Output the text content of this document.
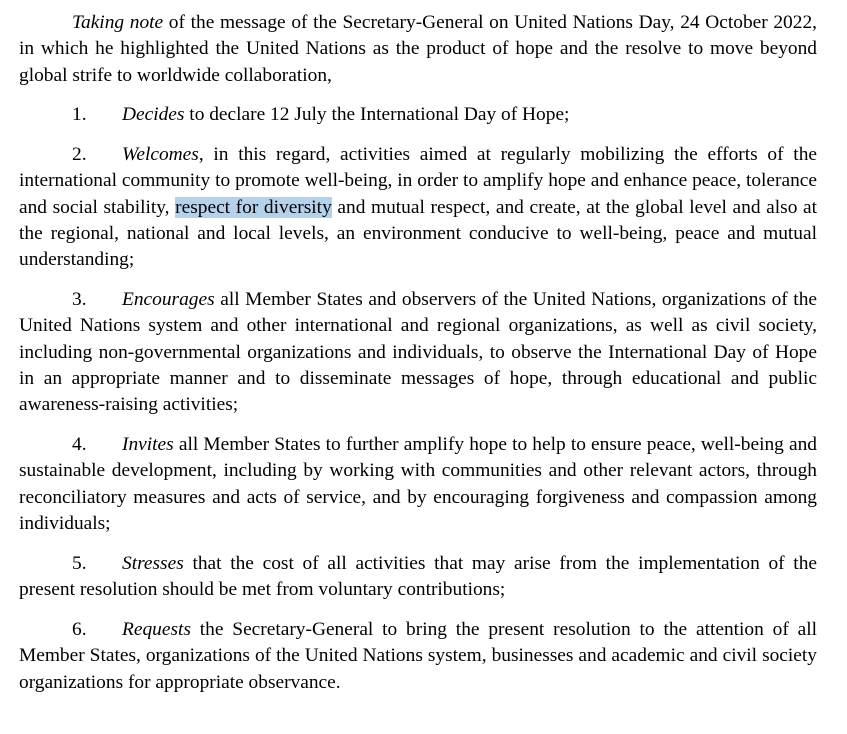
Taking note of the message of the Secretary-General on United Nations Day, 24 October 2022, in which he highlighted the United Nations as the product of hope and the resolve to move beyond global strife to worldwide collaboration,

1. Decides to declare 12 July the International Day of Hope;

2. Welcomes, in this regard, activities aimed at regularly mobilizing the efforts of the international community to promote well-being, in order to amplify hope and enhance peace, tolerance and social stability, respect for diversity and mutual respect, and create, at the global level and also at the regional, national and local levels, an environment conducive to well-being, peace and mutual understanding;

3. Encourages all Member States and observers of the United Nations, organizations of the United Nations system and other international and regional organizations, as well as civil society, including non-governmental organizations and individuals, to observe the International Day of Hope in an appropriate manner and to disseminate messages of hope, through educational and public awareness-raising activities;

4. Invites all Member States to further amplify hope to help to ensure peace, well-being and sustainable development, including by working with communities and other relevant actors, through reconciliatory measures and acts of service, and by encouraging forgiveness and compassion among individuals;

5. Stresses that the cost of all activities that may arise from the implementation of the present resolution should be met from voluntary contributions;

6. Requests the Secretary-General to bring the present resolution to the attention of all Member States, organizations of the United Nations system, businesses and academic and civil society organizations for appropriate observance.
